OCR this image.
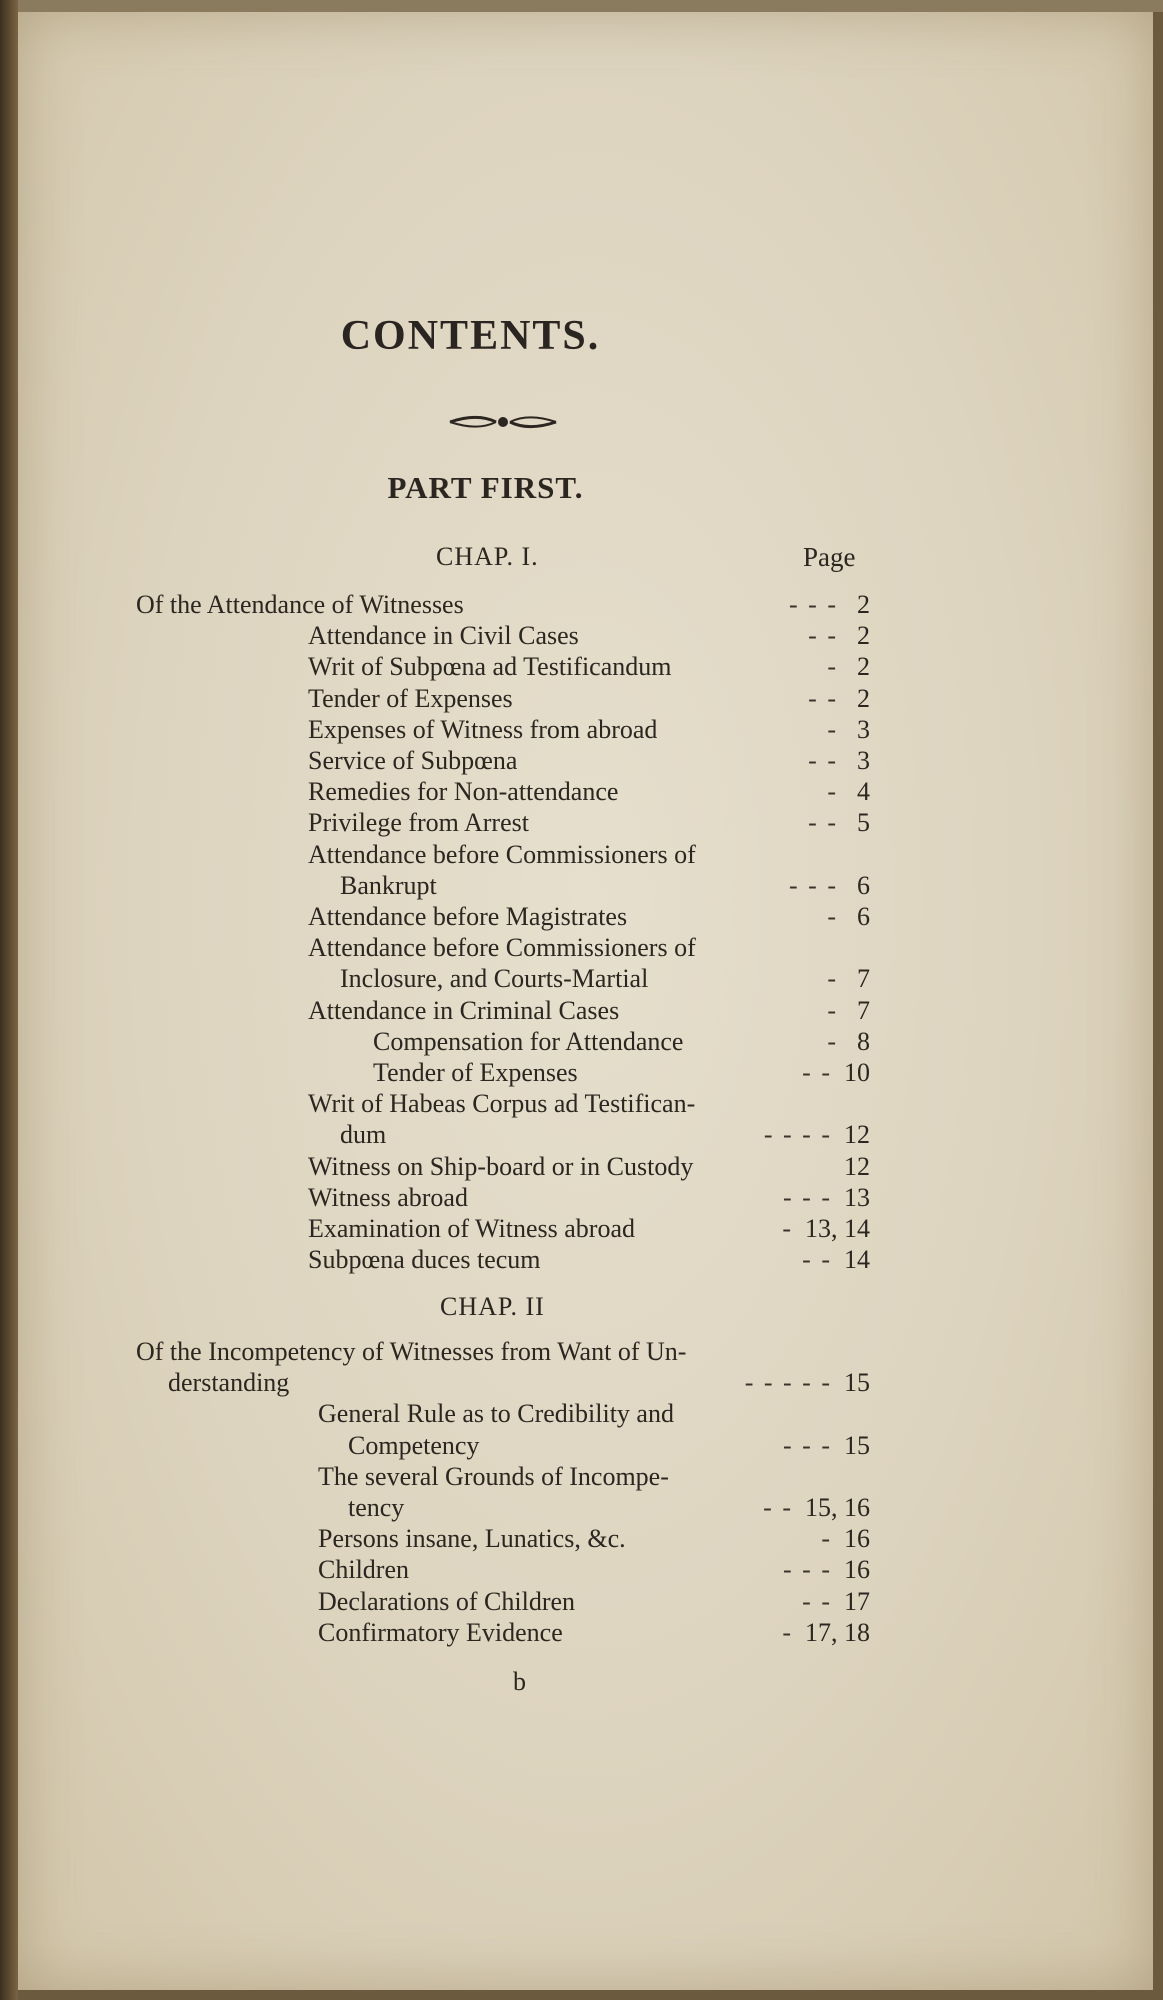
CONTENTS.
PART FIRST.
CHAP. I.	Page
Of the Attendance of Witnesses	- - - 2
Attendance in Civil Cases	- - 2
Writ of Subpœna ad Testificandum	- 2
Tender of Expenses	- - 2
Expenses of Witness from abroad	- 3
Service of Subpœna	- - 3
Remedies for Non-attendance	- 4
Privilege from Arrest	- - 5
Attendance before Commissioners of
Bankrupt	- - - 6
Attendance before Magistrates	- 6
Attendance before Commissioners of
Inclosure, and Courts-Martial	- 7
Attendance in Criminal Cases	- 7
Compensation for Attendance	- 8
Tender of Expenses	- - 10
Writ of Habeas Corpus ad Testifican-
dum	- - - - 12
Witness on Ship-board or in Custody	12
Witness abroad	- - - 13
Examination of Witness abroad	- 13, 14
Subpœna duces tecum	- - 14
CHAP. II
Of the Incompetency of Witnesses from Want of Un-
derstanding	- - - - - 15
General Rule as to Credibility and
Competency	- - - 15
The several Grounds of Incompe-
tency	- - 15, 16
Persons insane, Lunatics, &c.	- 16
Children	- - - 16
Declarations of Children	- - 17
Confirmatory Evidence	- 17, 18
b
